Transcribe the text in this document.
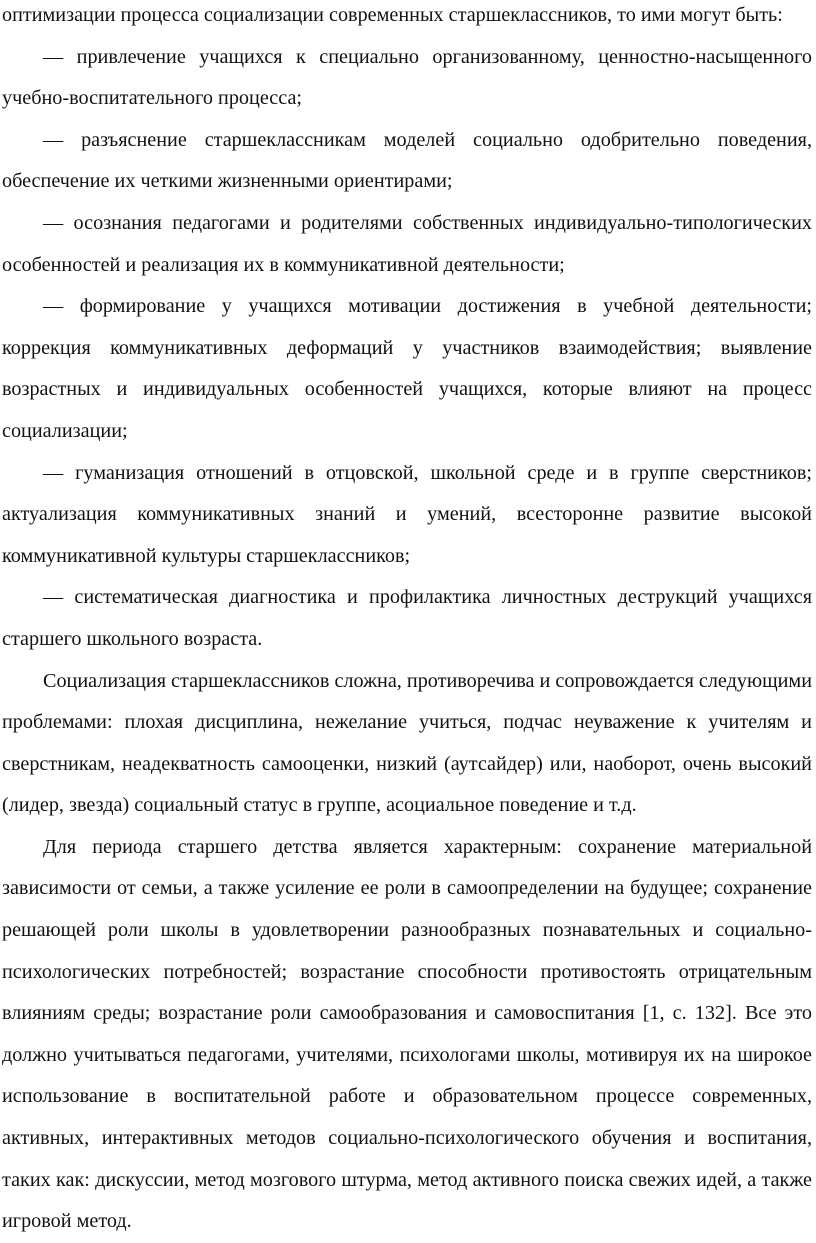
оптимизации процесса социализации современных старшеклассников, то ими могут быть:

— привлечение учащихся к специально организованному, ценностно-насыщенного учебно-воспитательного процесса;

— разъяснение старшеклассникам моделей социально одобрительно поведения, обеспечение их четкими жизненными ориентирами;

— осознания педагогами и родителями собственных индивидуально-типологических особенностей и реализация их в коммуникативной деятельности;

— формирование у учащихся мотивации достижения в учебной деятельности; коррекция коммуникативных деформаций у участников взаимодействия; выявление возрастных и индивидуальных особенностей учащихся, которые влияют на процесс социализации;

— гуманизация отношений в отцовской, школьной среде и в группе сверстников; актуализация коммуникативных знаний и умений, всесторонне развитие высокой коммуникативной культуры старшеклассников;

— систематическая диагностика и профилактика личностных деструкций учащихся старшего школьного возраста.

Социализация старшеклассников сложна, противоречива и сопровождается следующими проблемами: плохая дисциплина, нежелание учиться, подчас неуважение к учителям и сверстникам, неадекватность самооценки, низкий (аутсайдер) или, наоборот, очень высокий (лидер, звезда) социальный статус в группе, асоциальное поведение и т.д.

Для периода старшего детства является характерным: сохранение материальной зависимости от семьи, а также усиление ее роли в самоопределении на будущее; сохранение решающей роли школы в удовлетворении разнообразных познавательных и социально-психологических потребностей; возрастание способности противостоять отрицательным влияниям среды; возрастание роли самообразования и самовоспитания [1, с. 132]. Все это должно учитываться педагогами, учителями, психологами школы, мотивируя их на широкое использование в воспитательной работе и образовательном процессе современных, активных, интерактивных методов социально-психологического обучения и воспитания, таких как: дискуссии, метод мозгового штурма, метод активного поиска свежих идей, а также игровой метод.
